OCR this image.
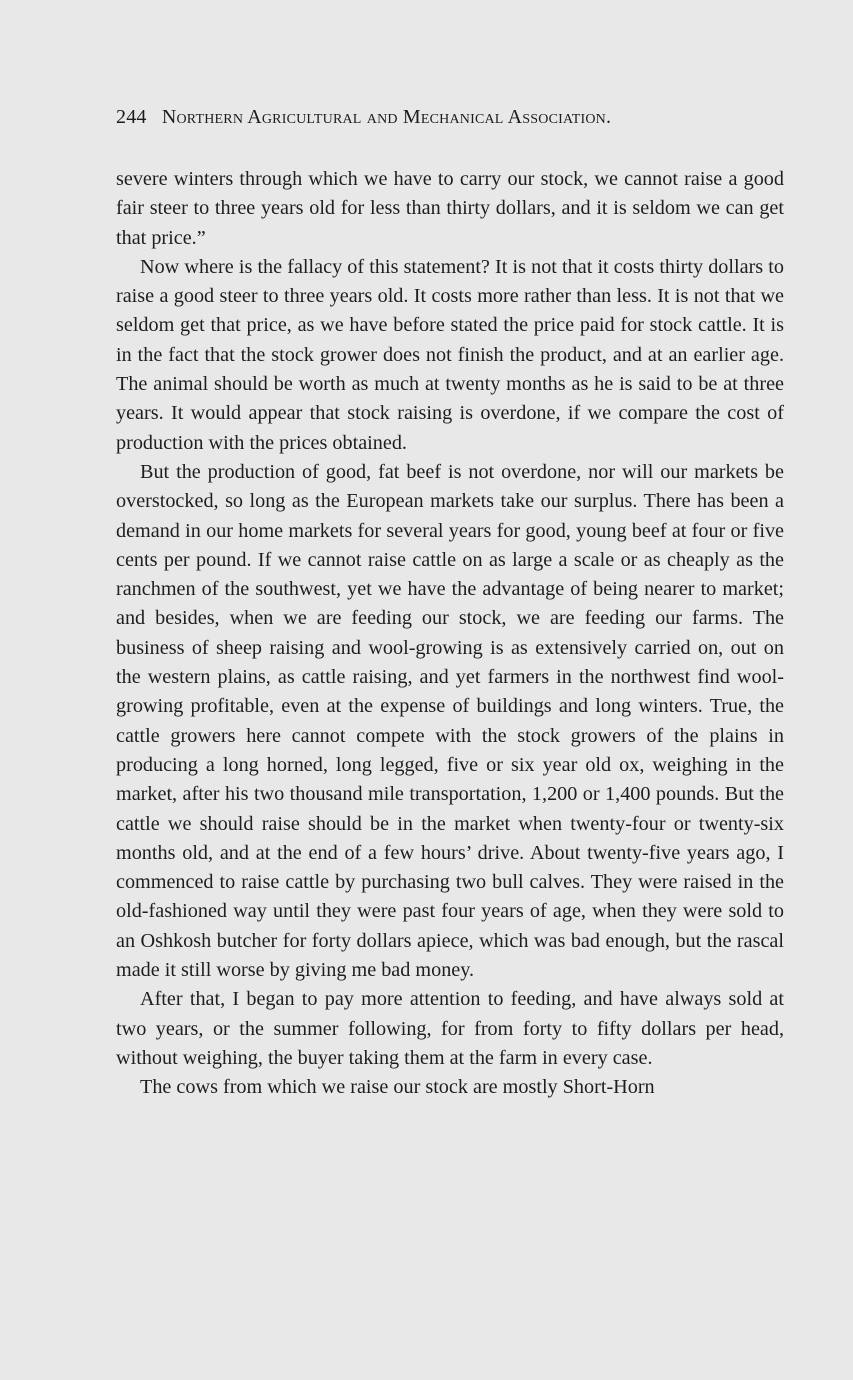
244 Northern Agricultural and Mechanical Association.

severe winters through which we have to carry our stock, we cannot raise a good fair steer to three years old for less than thirty dollars, and it is seldom we can get that price.”

Now where is the fallacy of this statement? It is not that it costs thirty dollars to raise a good steer to three years old. It costs more rather than less. It is not that we seldom get that price, as we have before stated the price paid for stock cattle. It is in the fact that the stock grower does not finish the product, and at an earlier age. The animal should be worth as much at twenty months as he is said to be at three years. It would appear that stock raising is overdone, if we compare the cost of production with the prices obtained.

But the production of good, fat beef is not overdone, nor will our markets be overstocked, so long as the European markets take our surplus. There has been a demand in our home markets for several years for good, young beef at four or five cents per pound. If we cannot raise cattle on as large a scale or as cheaply as the ranchmen of the southwest, yet we have the advantage of being nearer to market; and besides, when we are feeding our stock, we are feeding our farms. The business of sheep raising and wool-growing is as extensively carried on, out on the western plains, as cattle raising, and yet farmers in the northwest find wool-growing profitable, even at the expense of buildings and long winters. True, the cattle growers here cannot compete with the stock growers of the plains in producing a long horned, long legged, five or six year old ox, weighing in the market, after his two thousand mile transportation, 1,200 or 1,400 pounds. But the cattle we should raise should be in the market when twenty-four or twenty-six months old, and at the end of a few hours’ drive. About twenty-five years ago, I commenced to raise cattle by purchasing two bull calves. They were raised in the old-fashioned way until they were past four years of age, when they were sold to an Oshkosh butcher for forty dollars apiece, which was bad enough, but the rascal made it still worse by giving me bad money.

After that, I began to pay more attention to feeding, and have always sold at two years, or the summer following, for from forty to fifty dollars per head, without weighing, the buyer taking them at the farm in every case.

The cows from which we raise our stock are mostly Short-Horn
